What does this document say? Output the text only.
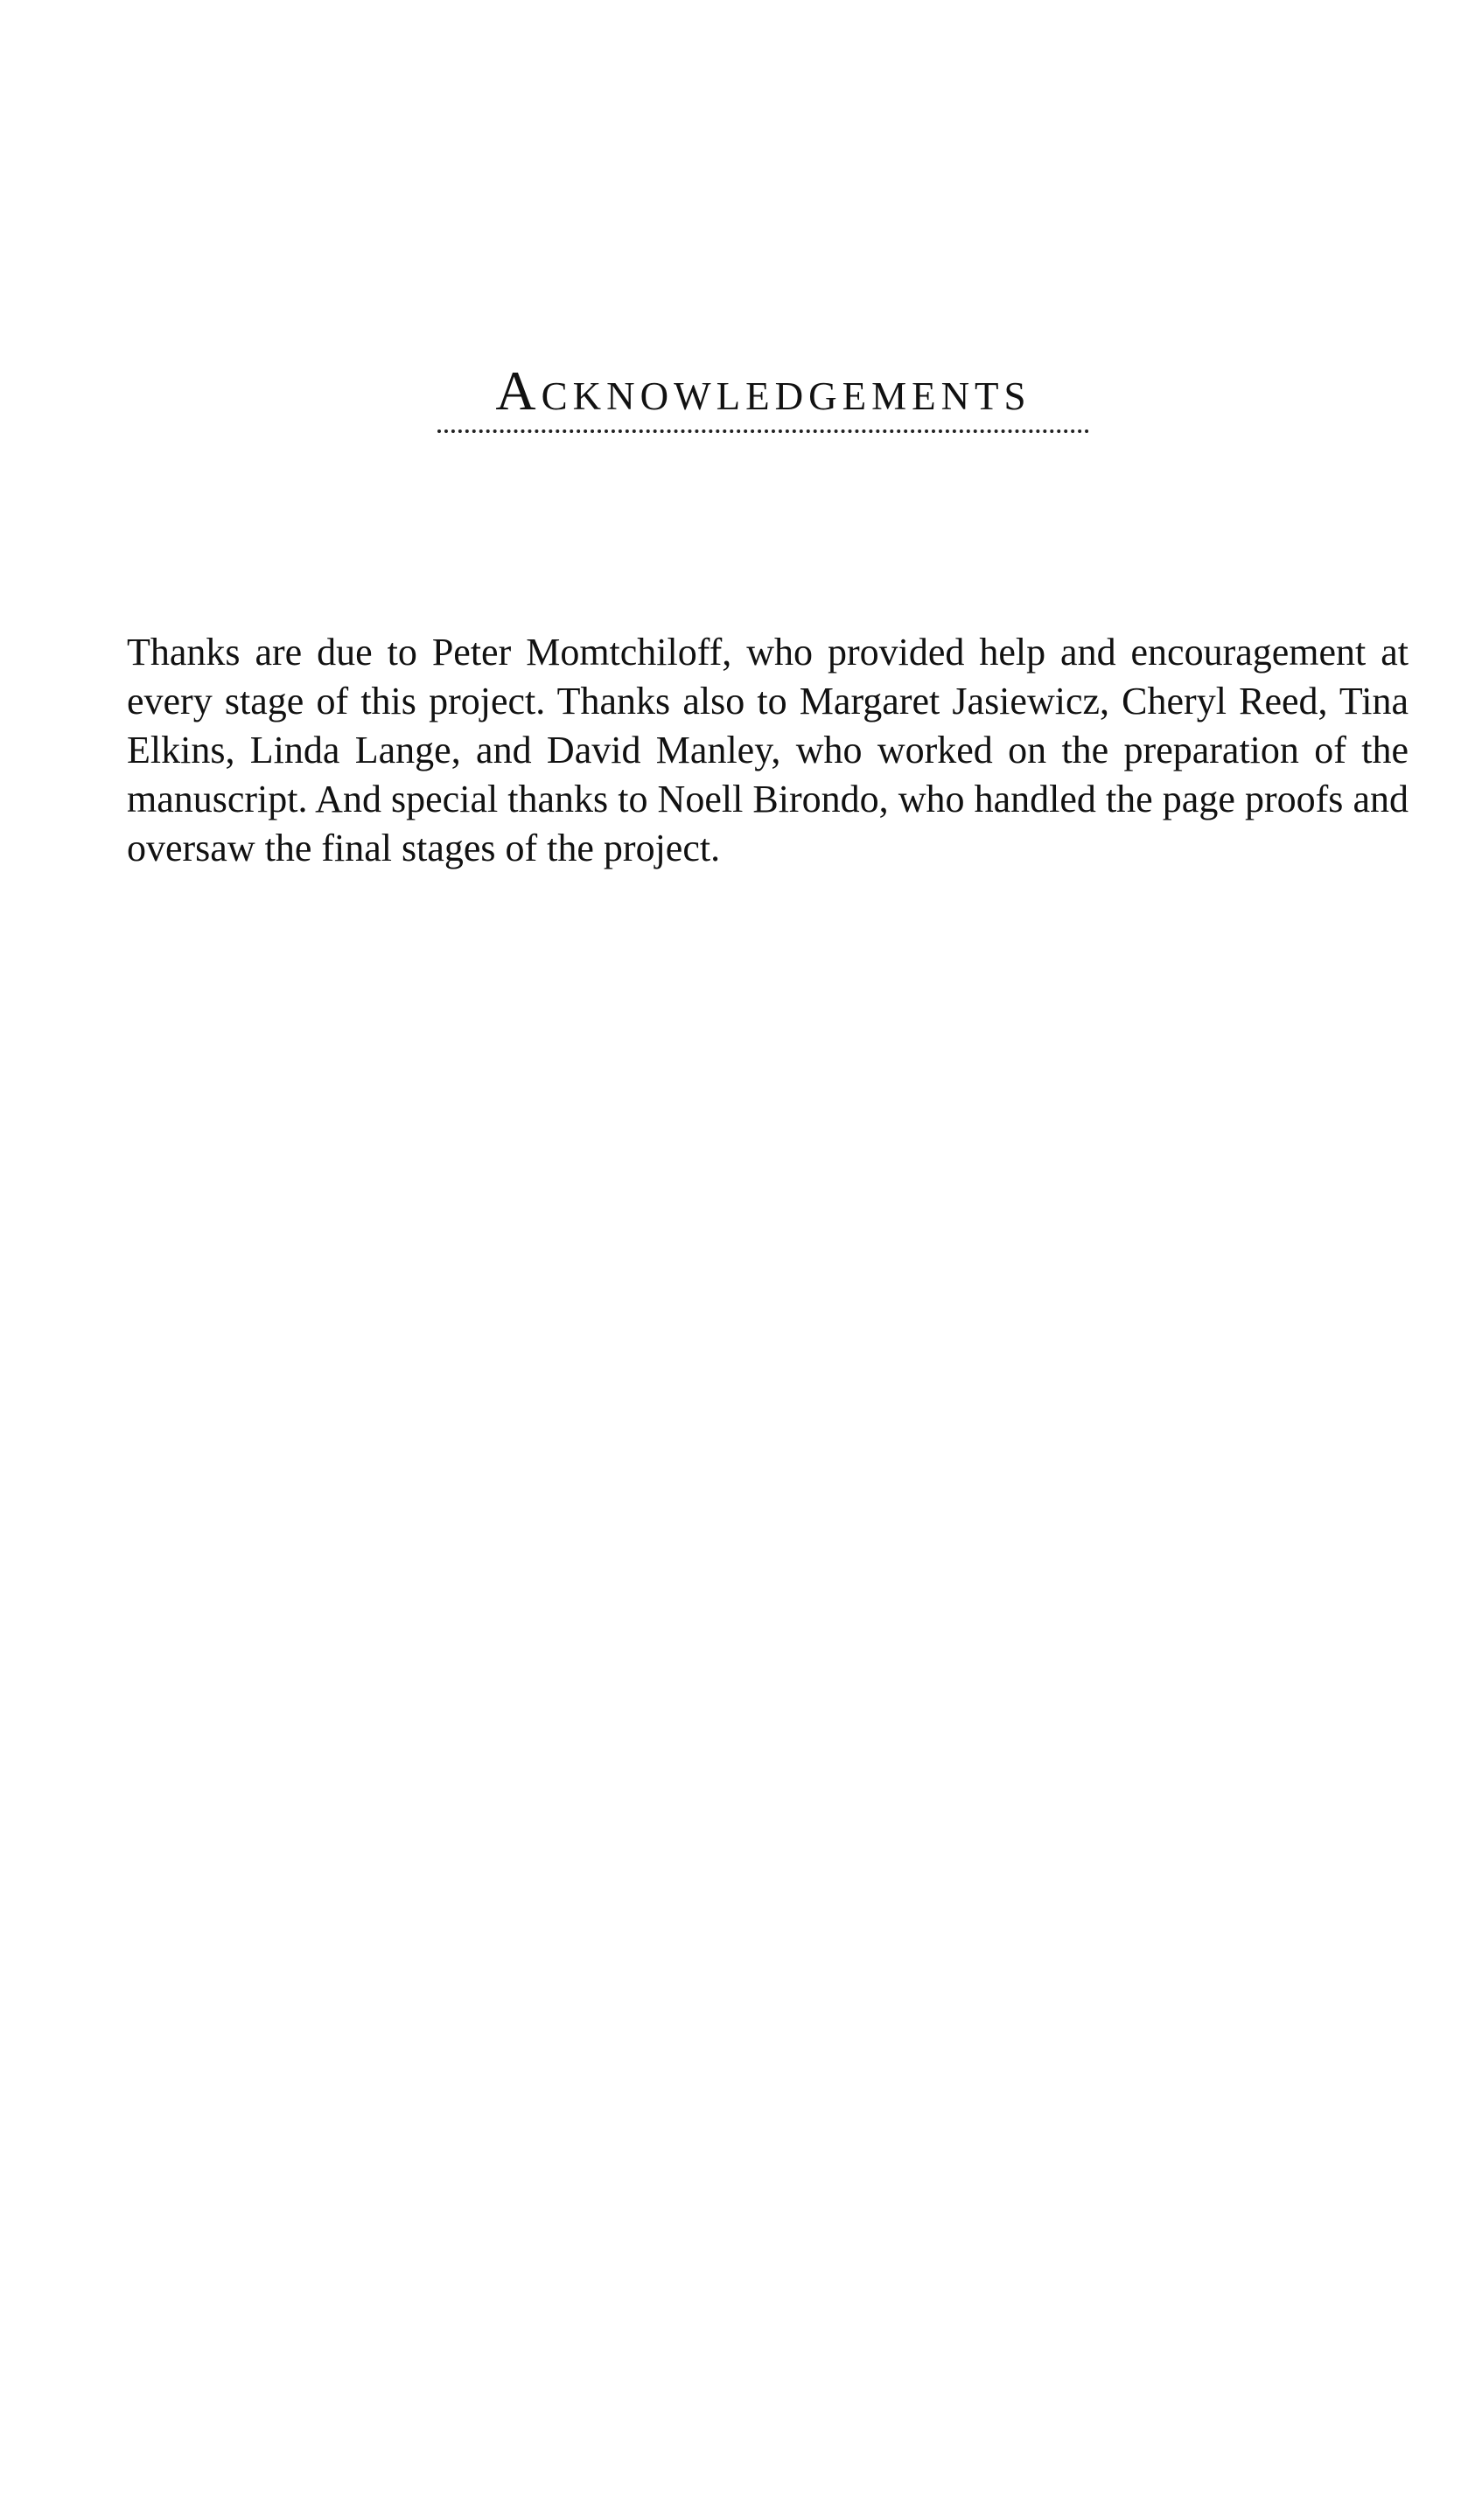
Acknowledgements

Thanks are due to Peter Momtchiloff, who provided help and encouragement at every stage of this project. Thanks also to Margaret Jasiewicz, Cheryl Reed, Tina Elkins, Linda Lange, and David Manley, who worked on the preparation of the manuscript. And special thanks to Noell Birondo, who handled the page proofs and oversaw the final stages of the project.
